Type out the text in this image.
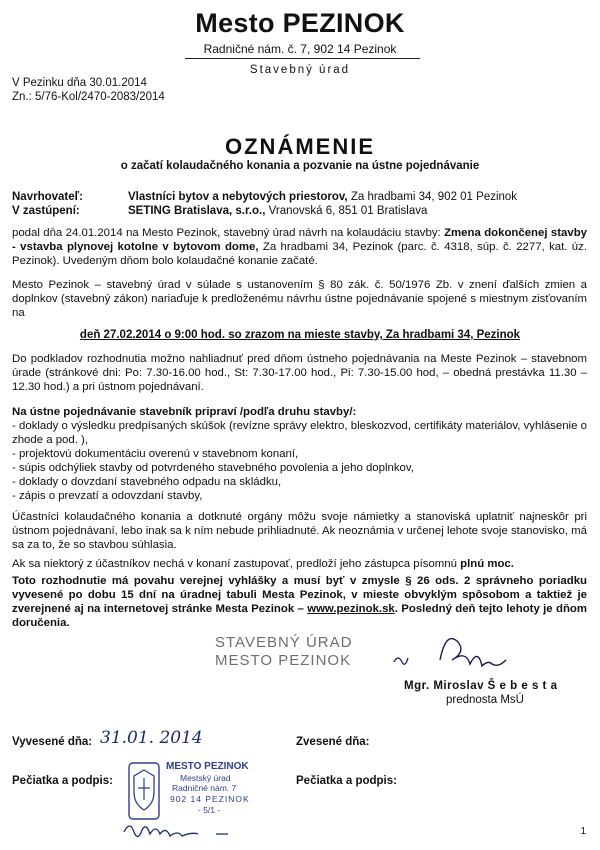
Mesto PEZINOK
Radničné nám. č. 7, 902 14 Pezinok
Stavebný úrad
V Pezinku dňa 30.01.2014
Zn.: 5/76-Kol/2470-2083/2014
OZNÁMENIE
o začatí kolaudačného konania a pozvanie na ústne pojednávanie
Navrhovateľ:	Vlastníci bytov a nebytových priestorov, Za hradbami 34, 902 01 Pezinok
V zastúpení:	SETING Bratislava, s.r.o., Vranovská 6, 851 01 Bratislava

podal dňa 24.01.2014 na Mesto Pezinok, stavebný úrad návrh na kolaudáciu stavby: Zmena dokončenej stavby - vstavba plynovej kotolne v bytovom dome, Za hradbami 34, Pezinok (parc. č. 4318, súp. č. 2277, kat. úz. Pezinok). Uvedeným dňom bolo kolaudačné konanie začaté.

Mesto Pezinok – stavebný úrad v súlade s ustanovením § 80 zák. č. 50/1976 Zb. v znení ďalších zmien a doplnkov (stavebný zákon) nariaďuje k predloženému návrhu ústne pojednávanie spojené s miestnym zisťovaním na

deň 27.02.2014 o 9:00 hod. so zrazom na mieste stavby, Za hradbami 34, Pezinok

Do podkladov rozhodnutia možno nahliadnuť pred dňom ústneho pojednávania na Meste Pezinok – stavebnom úrade (stránkové dni: Po: 7.30-16.00 hod., St: 7.30-17.00 hod., Pi: 7.30-15.00 hod, – obedná prestávka 11.30 – 12.30 hod.) a pri ústnom pojednávaní.

Na ústne pojednávanie stavebník pripraví /podľa druhu stavby/:

- doklady o výsledku predpísaných skúšok (revízne správy elektro, bleskozvod, certifikáty materiálov, vyhlásenie o zhode a pod. ),
- projektovú dokumentáciu overenú v stavebnom konaní,
- súpis odchýliek stavby od potvrdeného stavebného povolenia a jeho doplnkov,
- doklady o dovzdaní stavebného odpadu na skládku,
- zápis o prevzatí a odovzdaní stavby,

Účastníci kolaudačného konania a dotknuté orgány môžu svoje námietky a stanoviská uplatniť najneskôr pri ústnom pojednávaní, lebo inak sa k ním nebude prihliadnuté. Ak neoznámia v určenej lehote svoje stanovisko, má sa za to, že so stavbou súhlasia.

Ak sa niektorý z účastníkov nechá v konaní zastupovať, predloží jeho zástupca písomnú plnú moc.

Toto rozhodnutie má povahu verejnej vyhlášky a musí byť v zmysle § 26 ods. 2 správneho poriadku vyvesené po dobu 15 dní na úradnej tabuli Mesta Pezinok, v mieste obvyklým spôsobom a taktiež je zverejnené aj na internetovej stránke Mesta Pezinok – www.pezinok.sk. Posledný deň tejto lehoty je dňom doručenia.

STAVEBNÝ ÚRAD
MESTO PEZINOK
Mgr. Miroslav Š e b e s t a
prednosta MsÚ
Vyvesené dňa: 31.01. 2014	Zvesené dňa:
Pečiatka a podpis:	Pečiatka a podpis:
MESTO PEZINOK
Mestský úrad
Radničné nám. 7
902 14 PEZINOK
- 5/1 -
1
